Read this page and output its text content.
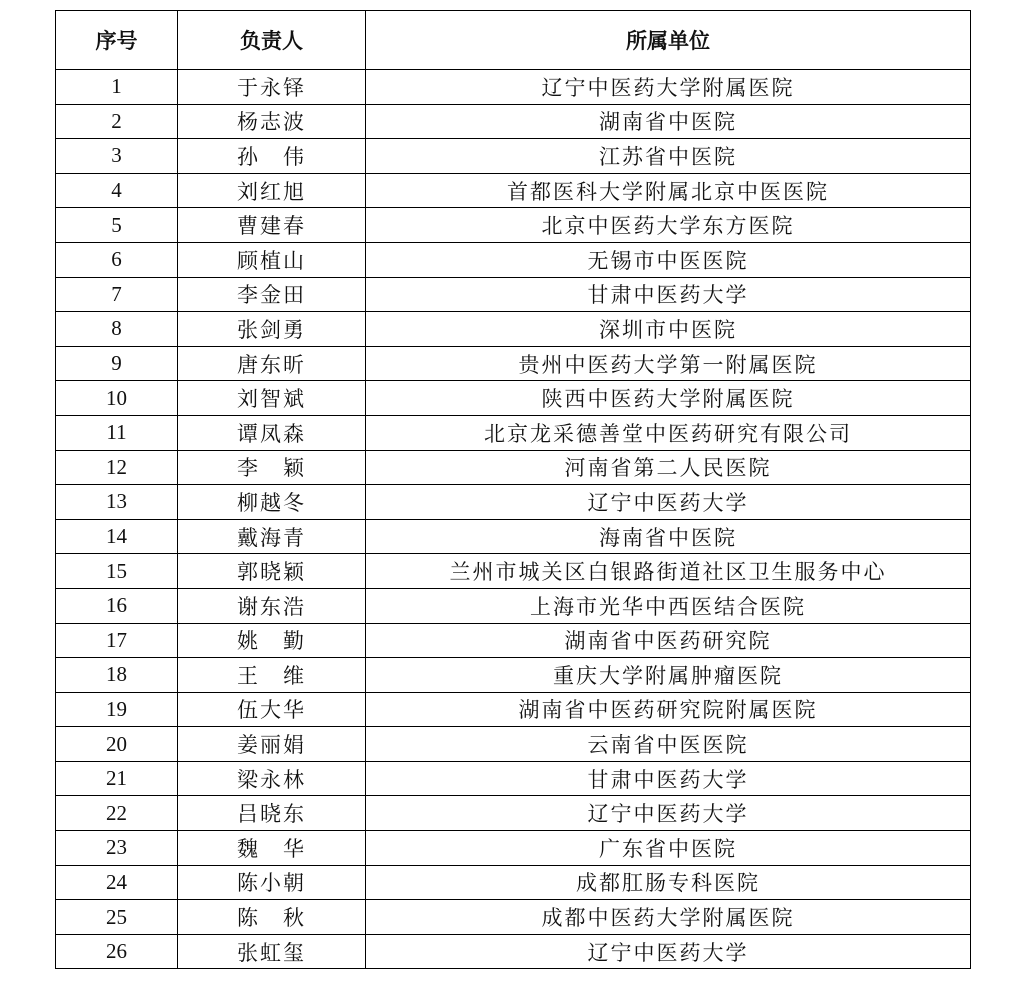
序号	负责人	所属单位
1	于永铎	辽宁中医药大学附属医院
2	杨志波	湖南省中医院
3	孙　伟	江苏省中医院
4	刘红旭	首都医科大学附属北京中医医院
5	曹建春	北京中医药大学东方医院
6	顾植山	无锡市中医医院
7	李金田	甘肃中医药大学
8	张剑勇	深圳市中医院
9	唐东昕	贵州中医药大学第一附属医院
10	刘智斌	陕西中医药大学附属医院
11	谭凤森	北京龙采德善堂中医药研究有限公司
12	李　颖	河南省第二人民医院
13	柳越冬	辽宁中医药大学
14	戴海青	海南省中医院
15	郭晓颖	兰州市城关区白银路街道社区卫生服务中心
16	谢东浩	上海市光华中西医结合医院
17	姚　勤	湖南省中医药研究院
18	王　维	重庆大学附属肿瘤医院
19	伍大华	湖南省中医药研究院附属医院
20	姜丽娟	云南省中医医院
21	梁永林	甘肃中医药大学
22	吕晓东	辽宁中医药大学
23	魏　华	广东省中医院
24	陈小朝	成都肛肠专科医院
25	陈　秋	成都中医药大学附属医院
26	张虹玺	辽宁中医药大学
